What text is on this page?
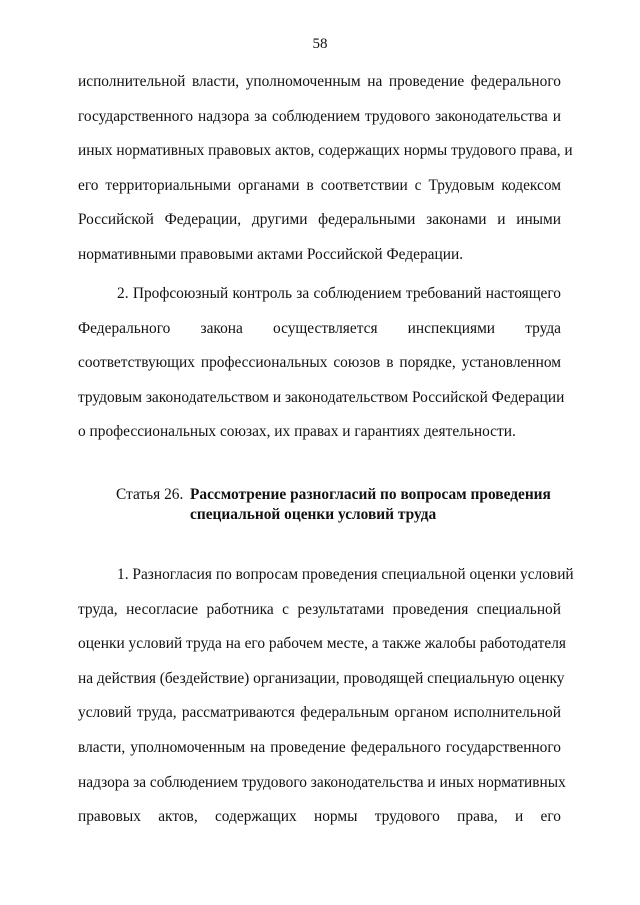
58
исполнительной власти, уполномоченным на проведение федерального
государственного надзора за соблюдением трудового законодательства и
иных нормативных правовых актов, содержащих нормы трудового права, и
его территориальными органами в соответствии с Трудовым кодексом
Российской Федерации, другими федеральными законами и иными
нормативными правовыми актами Российской Федерации.
2. Профсоюзный контроль за соблюдением требований настоящего
Федерального закона осуществляется инспекциями труда
соответствующих профессиональных союзов в порядке, установленном
трудовым законодательством и законодательством Российской Федерации
о профессиональных союзах, их правах и гарантиях деятельности.
Статья 26. Рассмотрение разногласий по вопросам проведения
специальной оценки условий труда
1. Разногласия по вопросам проведения специальной оценки условий
труда, несогласие работника с результатами проведения специальной
оценки условий труда на его рабочем месте, а также жалобы работодателя
на действия (бездействие) организации, проводящей специальную оценку
условий труда, рассматриваются федеральным органом исполнительной
власти, уполномоченным на проведение федерального государственного
надзора за соблюдением трудового законодательства и иных нормативных
правовых актов, содержащих нормы трудового права, и его
